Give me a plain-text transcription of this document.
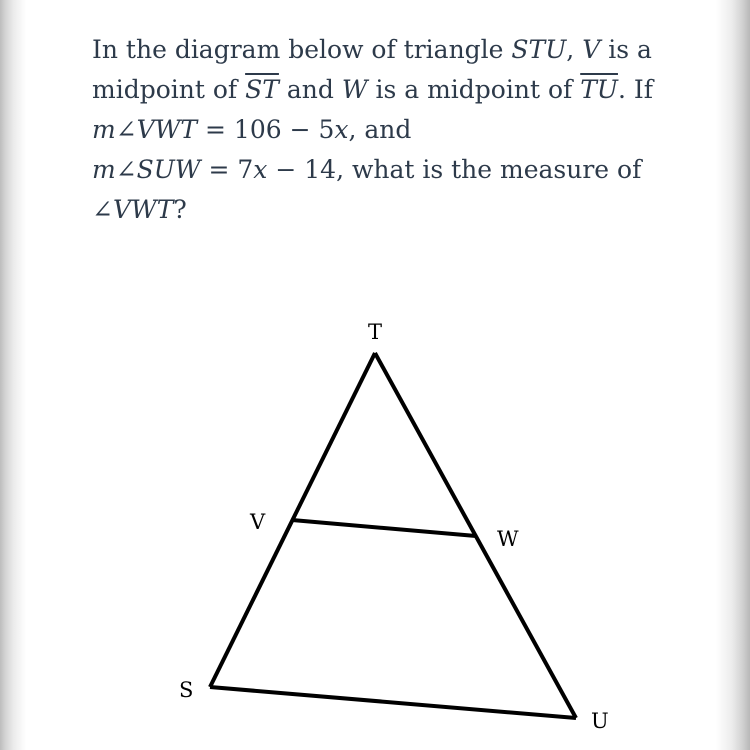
In the diagram below of triangle STU, V is a
midpoint of $\overline{ST}$ and W is a midpoint of $\overline{TU}$. If
m∠VWT = 106 − 5x, and
m∠SUW = 7x − 14, what is the measure of
∠VWT?
T
V
W
S
U
